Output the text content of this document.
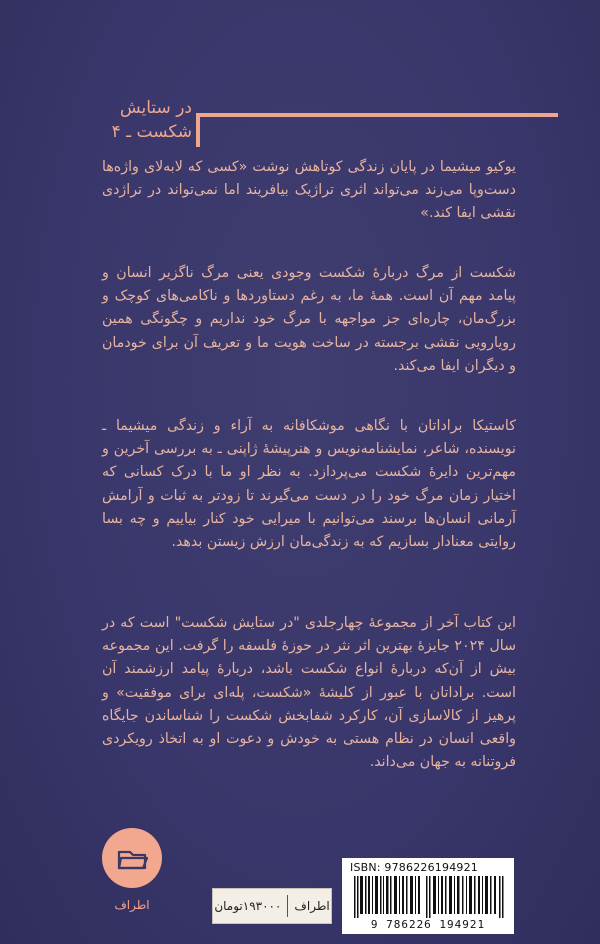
در ستایش
شکست ـ ۴
یوکیو میشیما در پایان زندگی کوتاهش نوشت «کسی که لابه‌لای واژه‌ها دست‌وپا می‌زند می‌تواند اثری تراژیک بیافریند اما نمی‌تواند در تراژدی نقشی ایفا کند.»
شکست از مرگ دربارهٔ شکست وجودی یعنی مرگ ناگزیر انسان و پیامد مهم آن است. همهٔ ما، به رغم دستاوردها و ناکامی‌های کوچک و بزرگ‌مان، چاره‌ای جز مواجهه با مرگ خود نداریم و چگونگی همین رویارویی نقشی برجسته در ساخت هویت ما و تعریف آن برای خودمان و دیگران ایفا می‌کند.
کاستیکا براداتان با نگاهی موشکافانه به آراء و زندگی میشیما ـ نویسنده، شاعر، نمایشنامه‌نویس و هنرپیشهٔ ژاپنی ـ به بررسی آخرین و مهم‌ترین دایرهٔ شکست می‌پردازد. به نظر او ما با درک کسانی که اختیار زمان مرگ خود را در دست می‌گیرند تا زودتر به ثبات و آرامش آرمانی انسان‌ها برسند می‌توانیم با میرایی خود کنار بیاییم و چه بسا روایتی معنادار بسازیم که به زندگی‌مان ارزش زیستن بدهد.
این کتاب آخر از مجموعهٔ چهارجلدی "در ستایش شکست" است که در سال ۲۰۲۴ جایزهٔ بهترین اثر نثر در حوزهٔ فلسفه را گرفت. این مجموعه بیش از آن‌که دربارهٔ انواع شکست باشد، دربارهٔ پیامد ارزشمند آن است. براداتان با عبور از کلیشهٔ «شکست، پله‌ای برای موفقیت» و پرهیز از کالاسازی آن، کارکرد شفابخش شکست را شناساندن جایگاه واقعی انسان در نظام هستی به خودش و دعوت او به اتخاذ رویکردی فروتنانه به جهان می‌داند.
اطراف	اطراف
۱۹۳۰۰۰تومان
ISBN: 9786226194921
9 786226 194921
